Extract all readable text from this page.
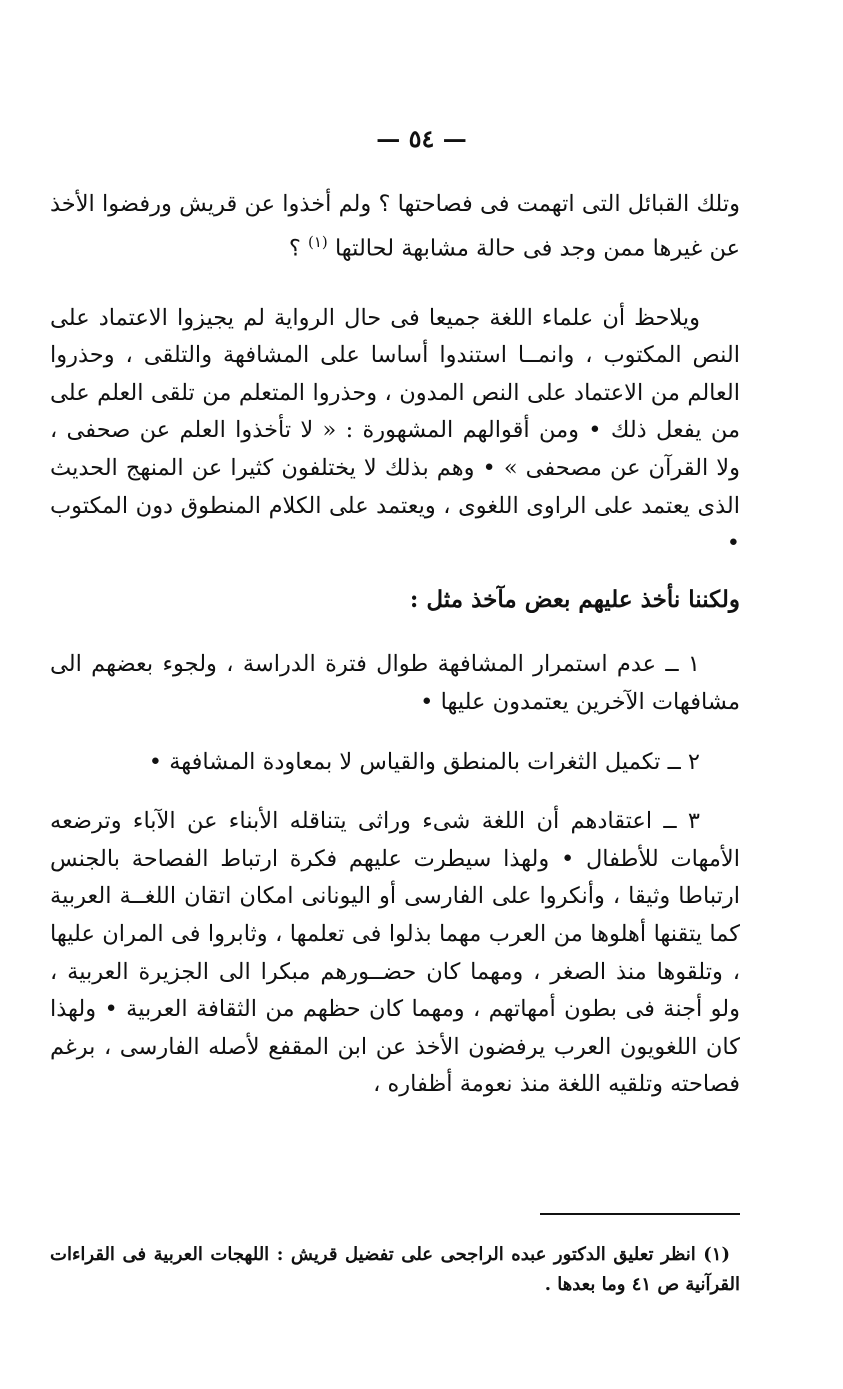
— ٥٤ —

وتلك القبائل التى اتهمت فى فصاحتها ؟ ولم أخذوا عن قريش ورفضوا الأخذ عن غيرها ممن وجد فى حالة مشابهة لحالتها $^{(١)}$ ؟

ويلاحظ أن علماء اللغة جميعا فى حال الرواية لم يجيزوا الاعتماد على النص المكتوب ، وانمــا استندوا أساسا على المشافهة والتلقى ، وحذروا العالم من الاعتماد على النص المدون ، وحذروا المتعلم من تلقى العلم على من يفعل ذلك • ومن أقوالهم المشهورة : « لا تأخذوا العلم عن صحفى ، ولا القرآن عن مصحفى » • وهم بذلك لا يختلفون كثيرا عن المنهج الحديث الذى يعتمد على الراوى اللغوى ، ويعتمد على الكلام المنطوق دون المكتوب •

ولكننا نأخذ عليهم بعض مآخذ مثل :

١ ــ عدم استمرار المشافهة طوال فترة الدراسة ، ولجوء بعضهم الى مشافهات الآخرين يعتمدون عليها •

٢ ــ تكميل الثغرات بالمنطق والقياس لا بمعاودة المشافهة •

٣ ــ اعتقادهم أن اللغة شىء وراثى يتناقله الأبناء عن الآباء وترضعه الأمهات للأطفال • ولهذا سيطرت عليهم فكرة ارتباط الفصاحة بالجنس ارتباطا وثيقا ، وأنكروا على الفارسى أو اليونانى امكان اتقان اللغــة العربية كما يتقنها أهلوها من العرب مهما بذلوا فى تعلمها ، وثابروا فى المران عليها ، وتلقوها منذ الصغر ، ومهما كان حضــورهم مبكرا الى الجزيرة العربية ، ولو أجنة فى بطون أمهاتهم ، ومهما كان حظهم من الثقافة العربية • ولهذا كان اللغويون العرب يرفضون الأخذ عن ابن المقفع لأصله الفارسى ، برغم فصاحته وتلقيه اللغة منذ نعومة أظفاره ،

(١) انظر تعليق الدكتور عبده الراجحى على تفضيل قريش : اللهجات العربية فى القراءات القرآنية ص ٤١ وما بعدها .
